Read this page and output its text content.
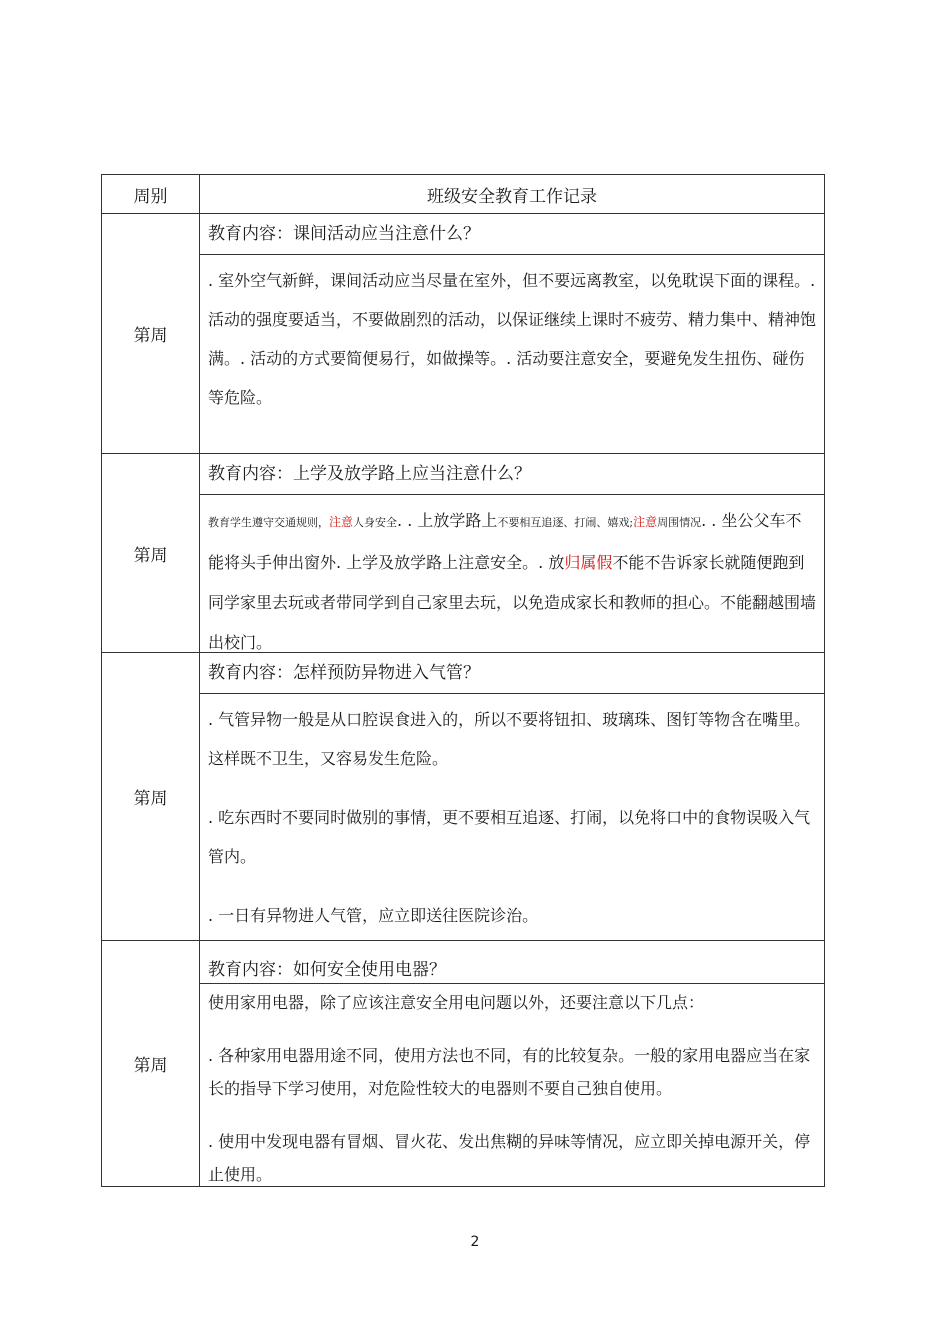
周别	班级安全教育工作记录
第周	教育内容：课间活动应当注意什么？

. 室外空气新鲜，课间活动应当尽量在室外，但不要远离教室，以免耽误下面的课程。. 活动的强度要适当，不要做剧烈的活动，以保证继续上课时不疲劳、精力集中、精神饱满。. 活动的方式要简便易行，如做操等。. 活动要注意安全，要避免发生扭伤、碰伤等危险。

第周	教育内容：上学及放学路上应当注意什么？

教育学生遵守交通规则，注意人身安全. . 上放学路上不要相互追逐、打闹、嬉戏;注意周围情况. . 坐公父车不能将头手伸出窗外. 上学及放学路上注意安全。. 放归属假不能不告诉家长就随便跑到同学家里去玩或者带同学到自己家里去玩，以免造成家长和教师的担心。不能翻越围墙出校门。

第周	教育内容：怎样预防异物进入气管？

. 气管异物一般是从口腔误食进入的，所以不要将钮扣、玻璃珠、图钉等物含在嘴里。这样既不卫生，又容易发生危险。

. 吃东西时不要同时做别的事情，更不要相互追逐、打闹，以免将口中的食物误吸入气管内。

. 一日有异物进人气管，应立即送往医院诊治。

第周	教育内容：如何安全使用电器？

使用家用电器，除了应该注意安全用电问题以外，还要注意以下几点：

. 各种家用电器用途不同，使用方法也不同，有的比较复杂。一般的家用电器应当在家长的指导下学习使用，对危险性较大的电器则不要自己独自使用。

. 使用中发现电器有冒烟、冒火花、发出焦糊的异味等情况，应立即关掉电源开关，停止使用。

2
